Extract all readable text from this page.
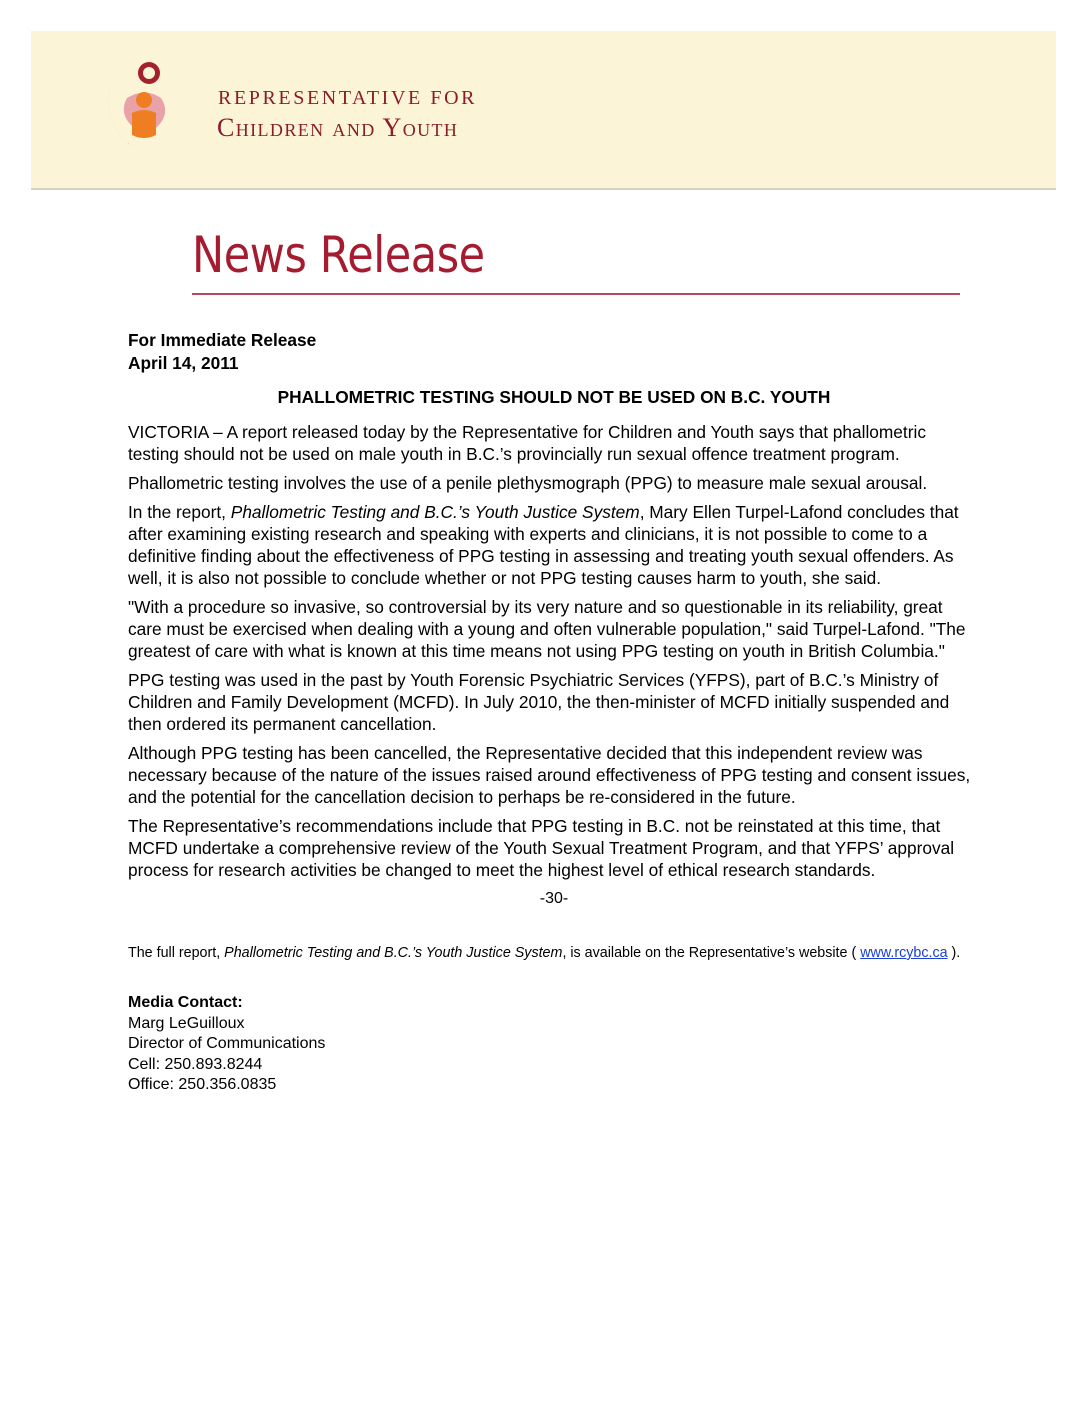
REPRESENTATIVE FOR
Children and Youth
News Release

For Immediate Release

April 14, 2011

PHALLOMETRIC TESTING SHOULD NOT BE USED ON B.C. YOUTH

VICTORIA – A report released today by the Representative for Children and Youth says that phallometric testing should not be used on male youth in B.C.’s provincially run sexual offence treatment program.

Phallometric testing involves the use of a penile plethysmograph (PPG) to measure male sexual arousal.

In the report, Phallometric Testing and B.C.’s Youth Justice System, Mary Ellen Turpel-Lafond concludes that after examining existing research and speaking with experts and clinicians, it is not possible to come to a definitive finding about the effectiveness of PPG testing in assessing and treating youth sexual offenders. As well, it is also not possible to conclude whether or not PPG testing causes harm to youth, she said.

"With a procedure so invasive, so controversial by its very nature and so questionable in its reliability, great care must be exercised when dealing with a young and often vulnerable population," said Turpel-Lafond. "The greatest of care with what is known at this time means not using PPG testing on youth in British Columbia."

PPG testing was used in the past by Youth Forensic Psychiatric Services (YFPS), part of B.C.’s Ministry of Children and Family Development (MCFD). In July 2010, the then-minister of MCFD initially suspended and then ordered its permanent cancellation.

Although PPG testing has been cancelled, the Representative decided that this independent review was necessary because of the nature of the issues raised around effectiveness of PPG testing and consent issues, and the potential for the cancellation decision to perhaps be re-considered in the future.

The Representative’s recommendations include that PPG testing in B.C. not be reinstated at this time, that MCFD undertake a comprehensive review of the Youth Sexual Treatment Program, and that YFPS’ approval process for research activities be changed to meet the highest level of ethical research standards.

-30-

The full report, Phallometric Testing and B.C.’s Youth Justice System, is available on the Representative’s website ( www.rcybc.ca ).
Media Contact:
Marg LeGuilloux
Director of Communications
Cell: 250.893.8244
Office: 250.356.0835
